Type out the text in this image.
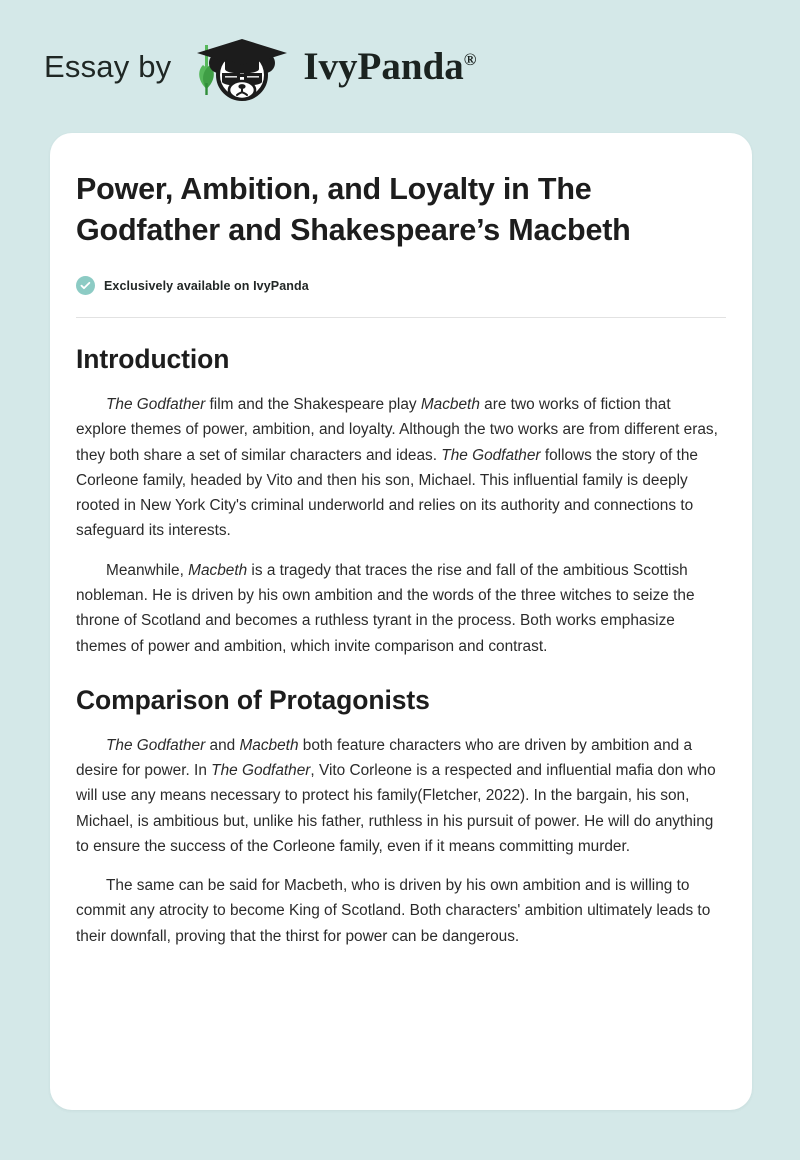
Essay by	IvyPanda®
Power, Ambition, and Loyalty in The Godfather and Shakespeare’s Macbeth
Exclusively available on IvyPanda
Introduction

The Godfather film and the Shakespeare play Macbeth are two works of fiction that explore themes of power, ambition, and loyalty. Although the two works are from different eras, they both share a set of similar characters and ideas. The Godfather follows the story of the Corleone family, headed by Vito and then his son, Michael. This influential family is deeply rooted in New York City's criminal underworld and relies on its authority and connections to safeguard its interests.

Meanwhile, Macbeth is a tragedy that traces the rise and fall of the ambitious Scottish nobleman. He is driven by his own ambition and the words of the three witches to seize the throne of Scotland and becomes a ruthless tyrant in the process. Both works emphasize themes of power and ambition, which invite comparison and contrast.

Comparison of Protagonists

The Godfather and Macbeth both feature characters who are driven by ambition and a desire for power. In The Godfather, Vito Corleone is a respected and influential mafia don who will use any means necessary to protect his family(Fletcher, 2022). In the bargain, his son, Michael, is ambitious but, unlike his father, ruthless in his pursuit of power. He will do anything to ensure the success of the Corleone family, even if it means committing murder.

The same can be said for Macbeth, who is driven by his own ambition and is willing to commit any atrocity to become King of Scotland. Both characters' ambition ultimately leads to their downfall, proving that the thirst for power can be dangerous.
